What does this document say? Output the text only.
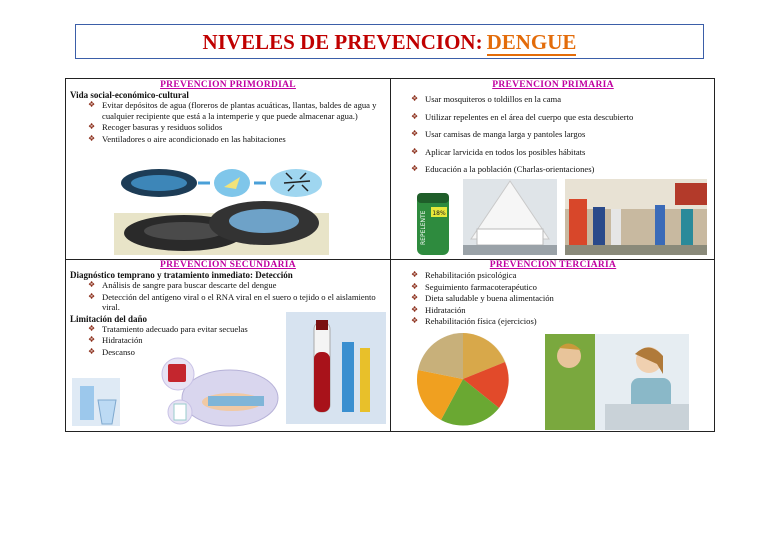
NIVELES DE PREVENCION: DENGUE
PREVENCION PRIMORDIAL
Vida social-económico-cultural
❖ Evitar depósitos de agua (floreros de plantas acuáticas, llantas, baldes de agua y cualquier recipiente que está a la intemperie y que puede almacenar agua.)
❖ Recoger basuras y residuos solidos
❖ Ventiladores o aire acondicionado en las habitaciones
PREVENCION PRIMARIA
❖ Usar mosquiteros o toldillos en la cama
❖ Utilizar repelentes en el área del cuerpo que esta descubierto
❖ Usar camisas de manga larga y pantoles largos
❖ Aplicar larvicida en todos los posibles hábitats
❖ Educación a la población (Charlas-orientaciones)
18%
REPELENTE
PREVENCION SECUNDARIA
Diagnóstico temprano y tratamiento inmediato: Detección
❖ Análisis de sangre para buscar descarte del dengue
❖ Detección del antígeno viral o el RNA viral en el suero o tejido o el aislamiento viral.
Limitación del daño
❖ Tratamiento adecuado para evitar secuelas
❖ Hidratación
❖ Descanso
PREVENCION TERCIARIA
❖ Rehabilitación psicológica
❖ Seguimiento farmacoterapéutico
❖ Dieta saludable y buena alimentación
❖ Hidratación
❖ Rehabilitación física (ejercicios)
